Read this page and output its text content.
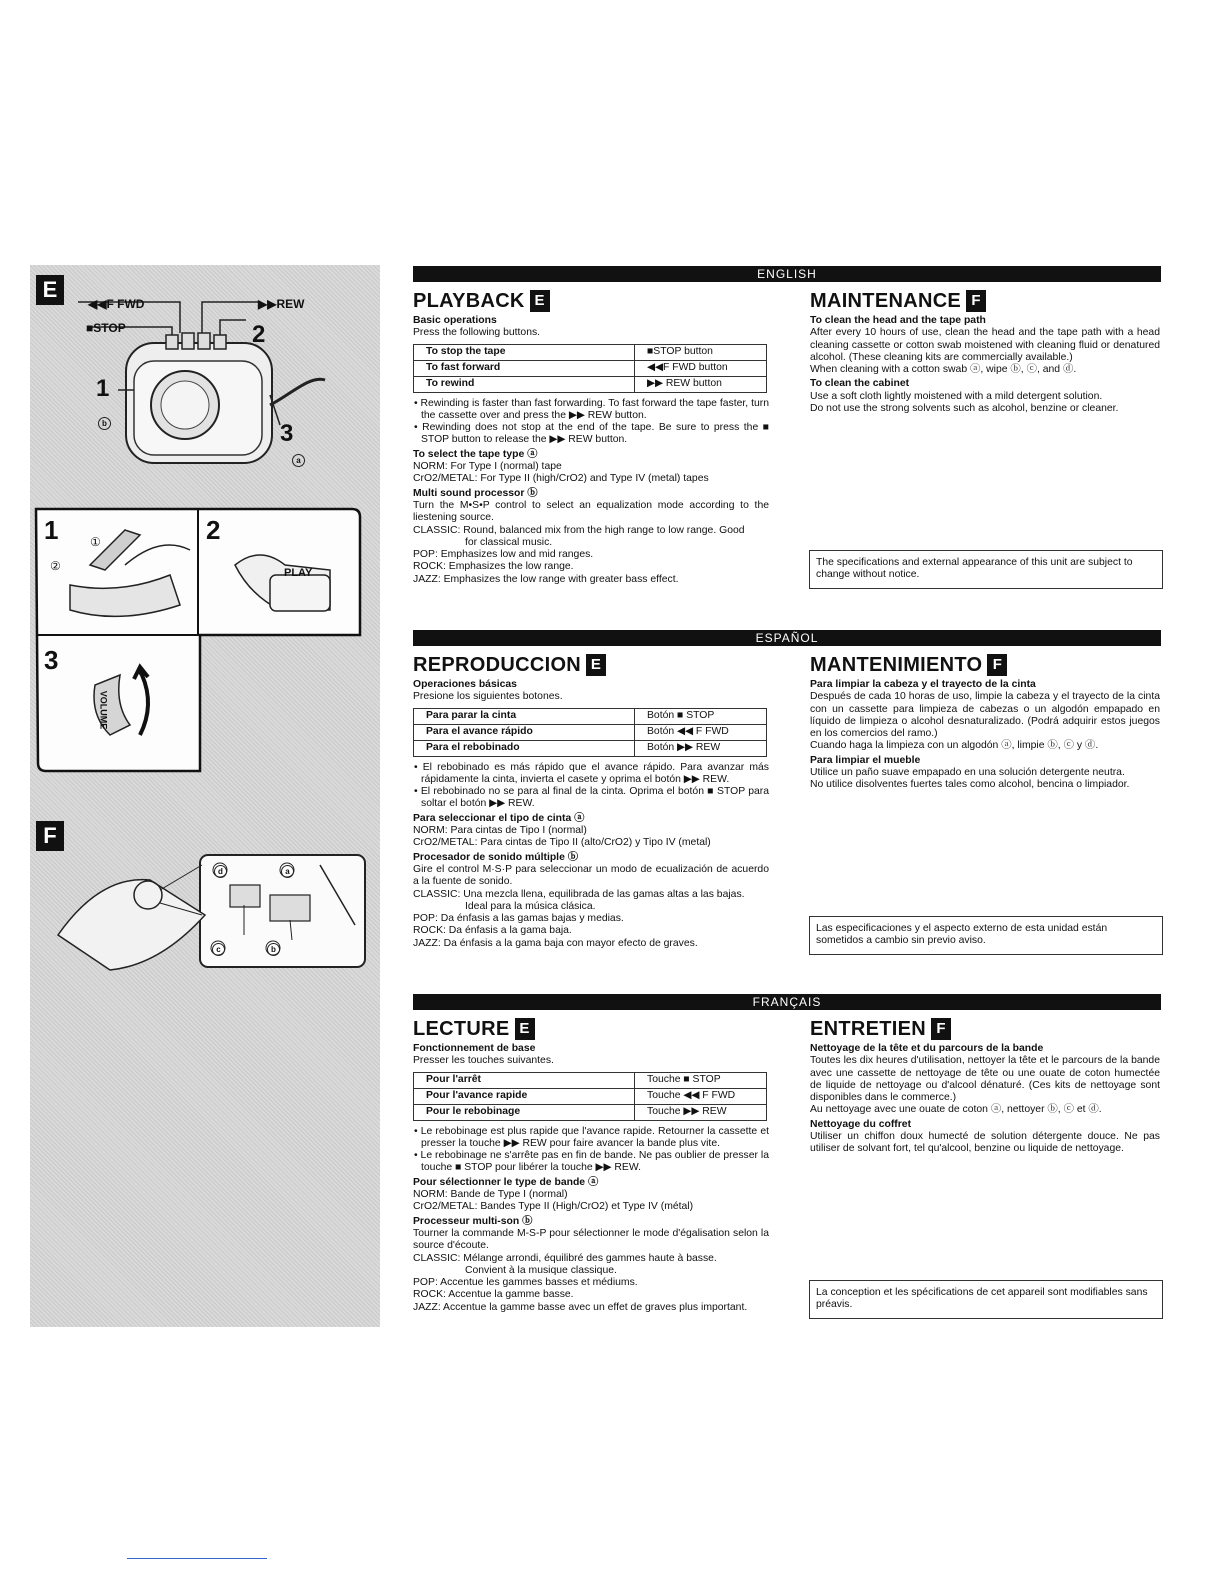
E
◀◀F FWD	▶▶REW
■STOP	2
1
3
b
a
1	2
3
①
②	PLAY
VOLUME
F
d	a
c	b
ENGLISH
PLAYBACK E

Basic operations

Press the following buttons.

To stop the tape	■STOP button
To fast forward	◀◀F FWD button
To rewind	▶▶ REW button

• Rewinding is faster than fast forwarding. To fast forward the tape faster, turn the cassette over and press the ▶▶ REW button.

• Rewinding does not stop at the end of the tape. Be sure to press the ■ STOP button to release the ▶▶ REW button.

To select the tape type ⓐ

NORM: For Type I (normal) tape

CrO2/METAL: For Type II (high/CrO2) and Type IV (metal) tapes

Multi sound processor ⓑ

Turn the M•S•P control to select an equalization mode according to the liestening source.

CLASSIC: Round, balanced mix from the high range to low range. Good

for classical music.

POP: Emphasizes low and mid ranges.

ROCK: Emphasizes the low range.

JAZZ: Emphasizes the low range with greater bass effect.

MAINTENANCE F

To clean the head and the tape path

After every 10 hours of use, clean the head and the tape path with a head cleaning cassette or cotton swab moistened with cleaning fluid or denatured alcohol. (These cleaning kits are commercially available.)

When cleaning with a cotton swab ⓐ, wipe ⓑ, ⓒ, and ⓓ.

To clean the cabinet

Use a soft cloth lightly moistened with a mild detergent solution.

Do not use the strong solvents such as alcohol, benzine or cleaner.

The specifications and external appearance of this unit are subject to change without notice.
ESPAÑOL
REPRODUCCION E

Operaciones básicas

Presione los siguientes botones.

Para parar la cinta	Botón ■ STOP
Para el avance rápido	Botón ◀◀ F FWD
Para el rebobinado	Botón ▶▶ REW

• El rebobinado es más rápido que el avance rápido. Para avanzar más rápidamente la cinta, invierta el casete y oprima el botón ▶▶ REW.

• El rebobinado no se para al final de la cinta. Oprima el botón ■ STOP para soltar el botón ▶▶ REW.

Para seleccionar el tipo de cinta ⓐ

NORM: Para cintas de Tipo I (normal)

CrO2/METAL: Para cintas de Tipo II (alto/CrO2) y Tipo IV (metal)

Procesador de sonido múltiple ⓑ

Gire el control M·S·P para seleccionar un modo de ecualización de acuerdo a la fuente de sonido.

CLASSIC: Una mezcla llena, equilibrada de las gamas altas a las bajas.

Ideal para la música clásica.

POP: Da énfasis a las gamas bajas y medias.

ROCK: Da énfasis a la gama baja.

JAZZ: Da énfasis a la gama baja con mayor efecto de graves.

MANTENIMIENTO F

Para limpiar la cabeza y el trayecto de la cinta

Después de cada 10 horas de uso, limpie la cabeza y el trayecto de la cinta con un cassette para limpieza de cabezas o un algodón empapado en líquido de limpieza o alcohol desnaturalizado. (Podrá adquirir estos juegos en los comercios del ramo.)

Cuando haga la limpieza con un algodón ⓐ, limpie ⓑ, ⓒ y ⓓ.

Para limpiar el mueble

Utilice un paño suave empapado en una solución detergente neutra.

No utilice disolventes fuertes tales como alcohol, bencina o limpiador.

Las especificaciones y el aspecto externo de esta unidad están sometidos a cambio sin previo aviso.
FRANÇAIS
LECTURE E

Fonctionnement de base

Presser les touches suivantes.

Pour l'arrêt	Touche ■ STOP
Pour l'avance rapide	Touche ◀◀ F FWD
Pour le rebobinage	Touche ▶▶ REW

• Le rebobinage est plus rapide que l'avance rapide. Retourner la cassette et presser la touche ▶▶ REW pour faire avancer la bande plus vite.

• Le rebobinage ne s'arrête pas en fin de bande. Ne pas oublier de presser la touche ■ STOP pour libérer la touche ▶▶ REW.

Pour sélectionner le type de bande ⓐ

NORM: Bande de Type I (normal)

CrO2/METAL: Bandes Type II (High/CrO2) et Type IV (métal)

Processeur multi-son ⓑ

Tourner la commande M-S-P pour sélectionner le mode d'égalisation selon la source d'écoute.

CLASSIC: Mélange arrondi, équilibré des gammes haute à basse.

Convient à la musique classique.

POP: Accentue les gammes basses et médiums.

ROCK: Accentue la gamme basse.

JAZZ: Accentue la gamme basse avec un effet de graves plus important.

ENTRETIEN F

Nettoyage de la tête et du parcours de la bande

Toutes les dix heures d'utilisation, nettoyer la tête et le parcours de la bande avec une cassette de nettoyage de tête ou une ouate de coton humectée de liquide de nettoyage ou d'alcool dénaturé. (Ces kits de nettoyage sont disponibles dans le commerce.)

Au nettoyage avec une ouate de coton ⓐ, nettoyer ⓑ, ⓒ et ⓓ.

Nettoyage du coffret

Utiliser un chiffon doux humecté de solution détergente douce. Ne pas utiliser de solvant fort, tel qu'alcool, benzine ou liquide de nettoyage.

La conception et les spécifications de cet appareil sont modifiables sans préavis.
